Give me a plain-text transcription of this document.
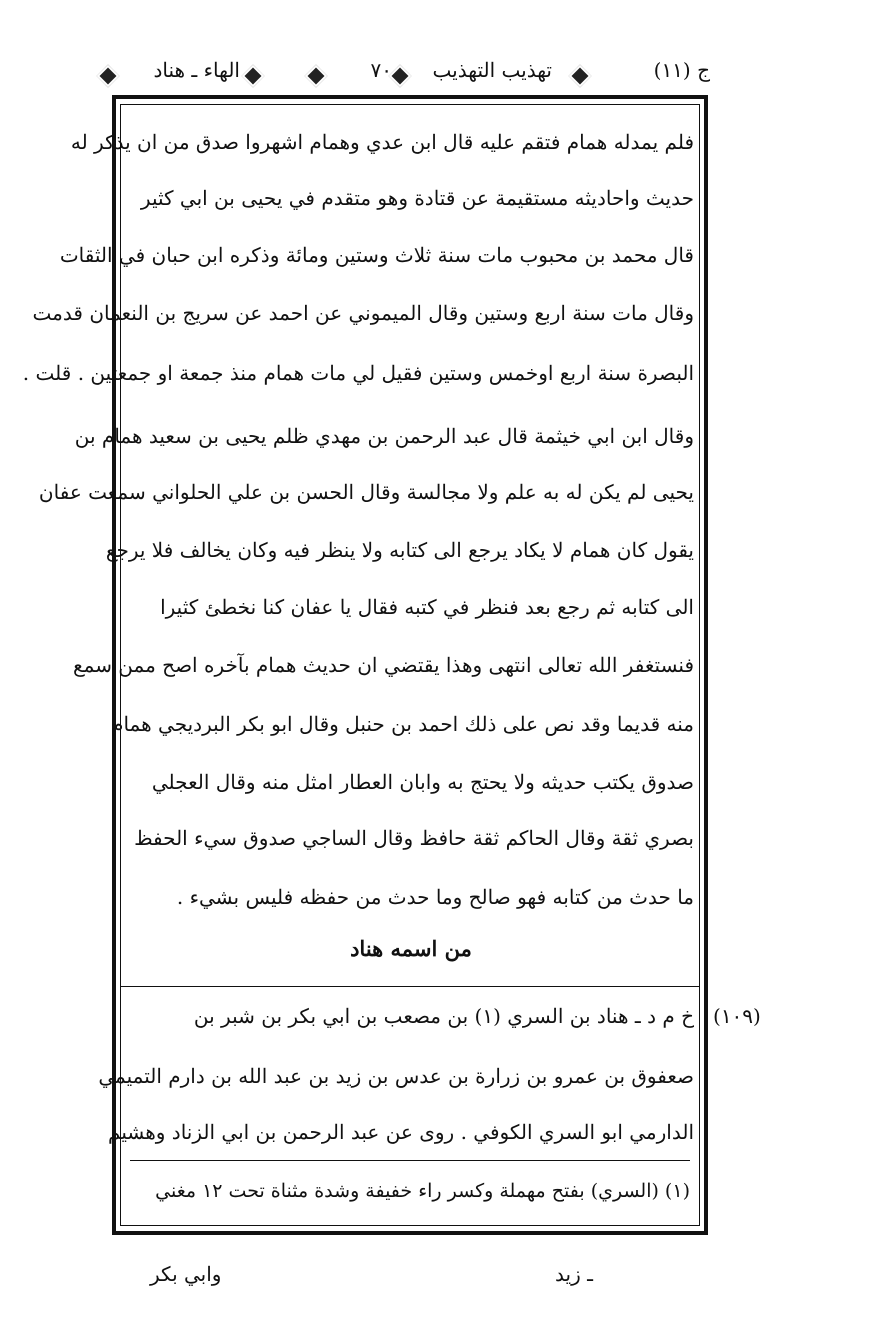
ج (١١)
تهذيب التهذيب
٧٠
الهاء ـ هناد
فلم يمدله همام فتقم عليه قال ابن عدي وهمام اشهروا صدق من ان يذكر له
حديث واحاديثه مستقيمة عن قتادة وهو متقدم في يحيى بن ابي كثير
قال محمد بن محبوب مات سنة ثلاث وستين ومائة وذكره ابن حبان في الثقات
وقال مات سنة اربع وستين وقال الميموني عن احمد عن سريج بن النعمان قدمت
البصرة سنة اربع اوخمس وستين فقيل لي مات همام منذ جمعة او جمعتين . قلت .
وقال ابن ابي خيثمة قال عبد الرحمن بن مهدي ظلم يحيى بن سعيد همام بن
يحيى لم يكن له به علم ولا مجالسة وقال الحسن بن علي الحلواني سمعت عفان
يقول كان همام لا يكاد يرجع الى كتابه ولا ينظر فيه وكان يخالف فلا يرجع
الى كتابه ثم رجع بعد فنظر في كتبه فقال يا عفان كنا نخطئ كثيرا
فنستغفر الله تعالى انتهى وهذا يقتضي ان حديث همام بآخره اصح ممن سمع
منه قديما وقد نص على ذلك احمد بن حنبل وقال ابو بكر البرديجي همام
صدوق يكتب حديثه ولا يحتج به وابان العطار امثل منه وقال العجلي
بصري ثقة وقال الحاكم ثقة حافظ وقال الساجي صدوق سيء الحفظ
ما حدث من كتابه فهو صالح وما حدث من حفظه فليس بشيء .
من اسمه هناد
(١٠٩)
خ م د ـ هناد بن السري (١) بن مصعب بن ابي بكر بن شبر بن
صعفوق بن عمرو بن زرارة بن عدس بن زيد بن عبد الله بن دارم التميمي
الدارمي ابو السري الكوفي . روى عن عبد الرحمن بن ابي الزناد وهشيم
(١) (السري) بفتح مهملة وكسر راء خفيفة وشدة مثناة تحت ١٢ مغني
وابي بكر	ـ زيد
